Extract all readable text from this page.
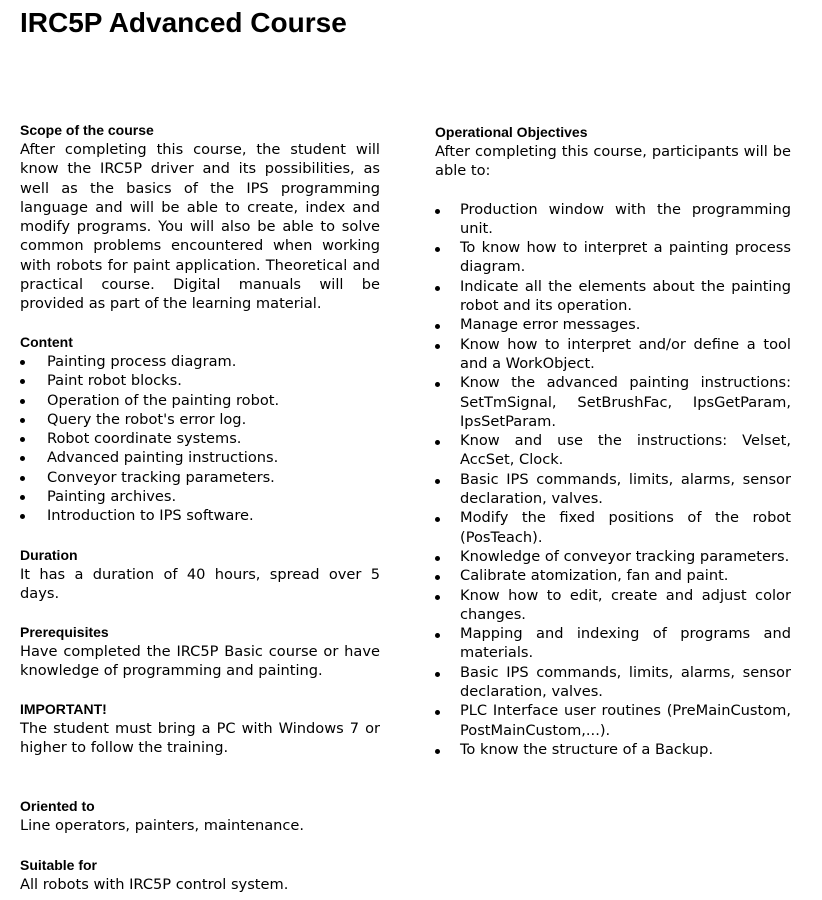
IRC5P Advanced Course

Scope of the course

After completing this course, the student will know the IRC5P driver and its possibilities, as well as the basics of the IPS programming language and will be able to create, index and modify programs. You will also be able to solve common problems encountered when working with robots for paint application. Theoretical and practical course. Digital manuals will be provided as part of the learning material.

Content

Painting process diagram.
Paint robot blocks.
Operation of the painting robot.
Query the robot's error log.
Robot coordinate systems.
Advanced painting instructions.
Conveyor tracking parameters.
Painting archives.
Introduction to IPS software.

Duration

It has a duration of 40 hours, spread over 5 days.

Prerequisites

Have completed the IRC5P Basic course or have knowledge of programming and painting.

IMPORTANT!

The student must bring a PC with Windows 7 or higher to follow the training.

Oriented to

Line operators, painters, maintenance.

Suitable for

All robots with IRC5P control system.

Operational Objectives

After completing this course, participants will be able to:

Production window with the programming unit.
To know how to interpret a painting process diagram.
Indicate all the elements about the painting robot and its operation.
Manage error messages.
Know how to interpret and/or define a tool and a WorkObject.
Know the advanced painting instructions: SetTmSignal, SetBrushFac, IpsGetParam, IpsSetParam.
Know and use the instructions: Velset, AccSet, Clock.
Basic IPS commands, limits, alarms, sensor declaration, valves.
Modify the fixed positions of the robot (PosTeach).
Knowledge of conveyor tracking parameters.
Calibrate atomization, fan and paint.
Know how to edit, create and adjust color changes.
Mapping and indexing of programs and materials.
Basic IPS commands, limits, alarms, sensor declaration, valves.
PLC Interface user routines (PreMainCustom, PostMainCustom,...).
To know the structure of a Backup.
